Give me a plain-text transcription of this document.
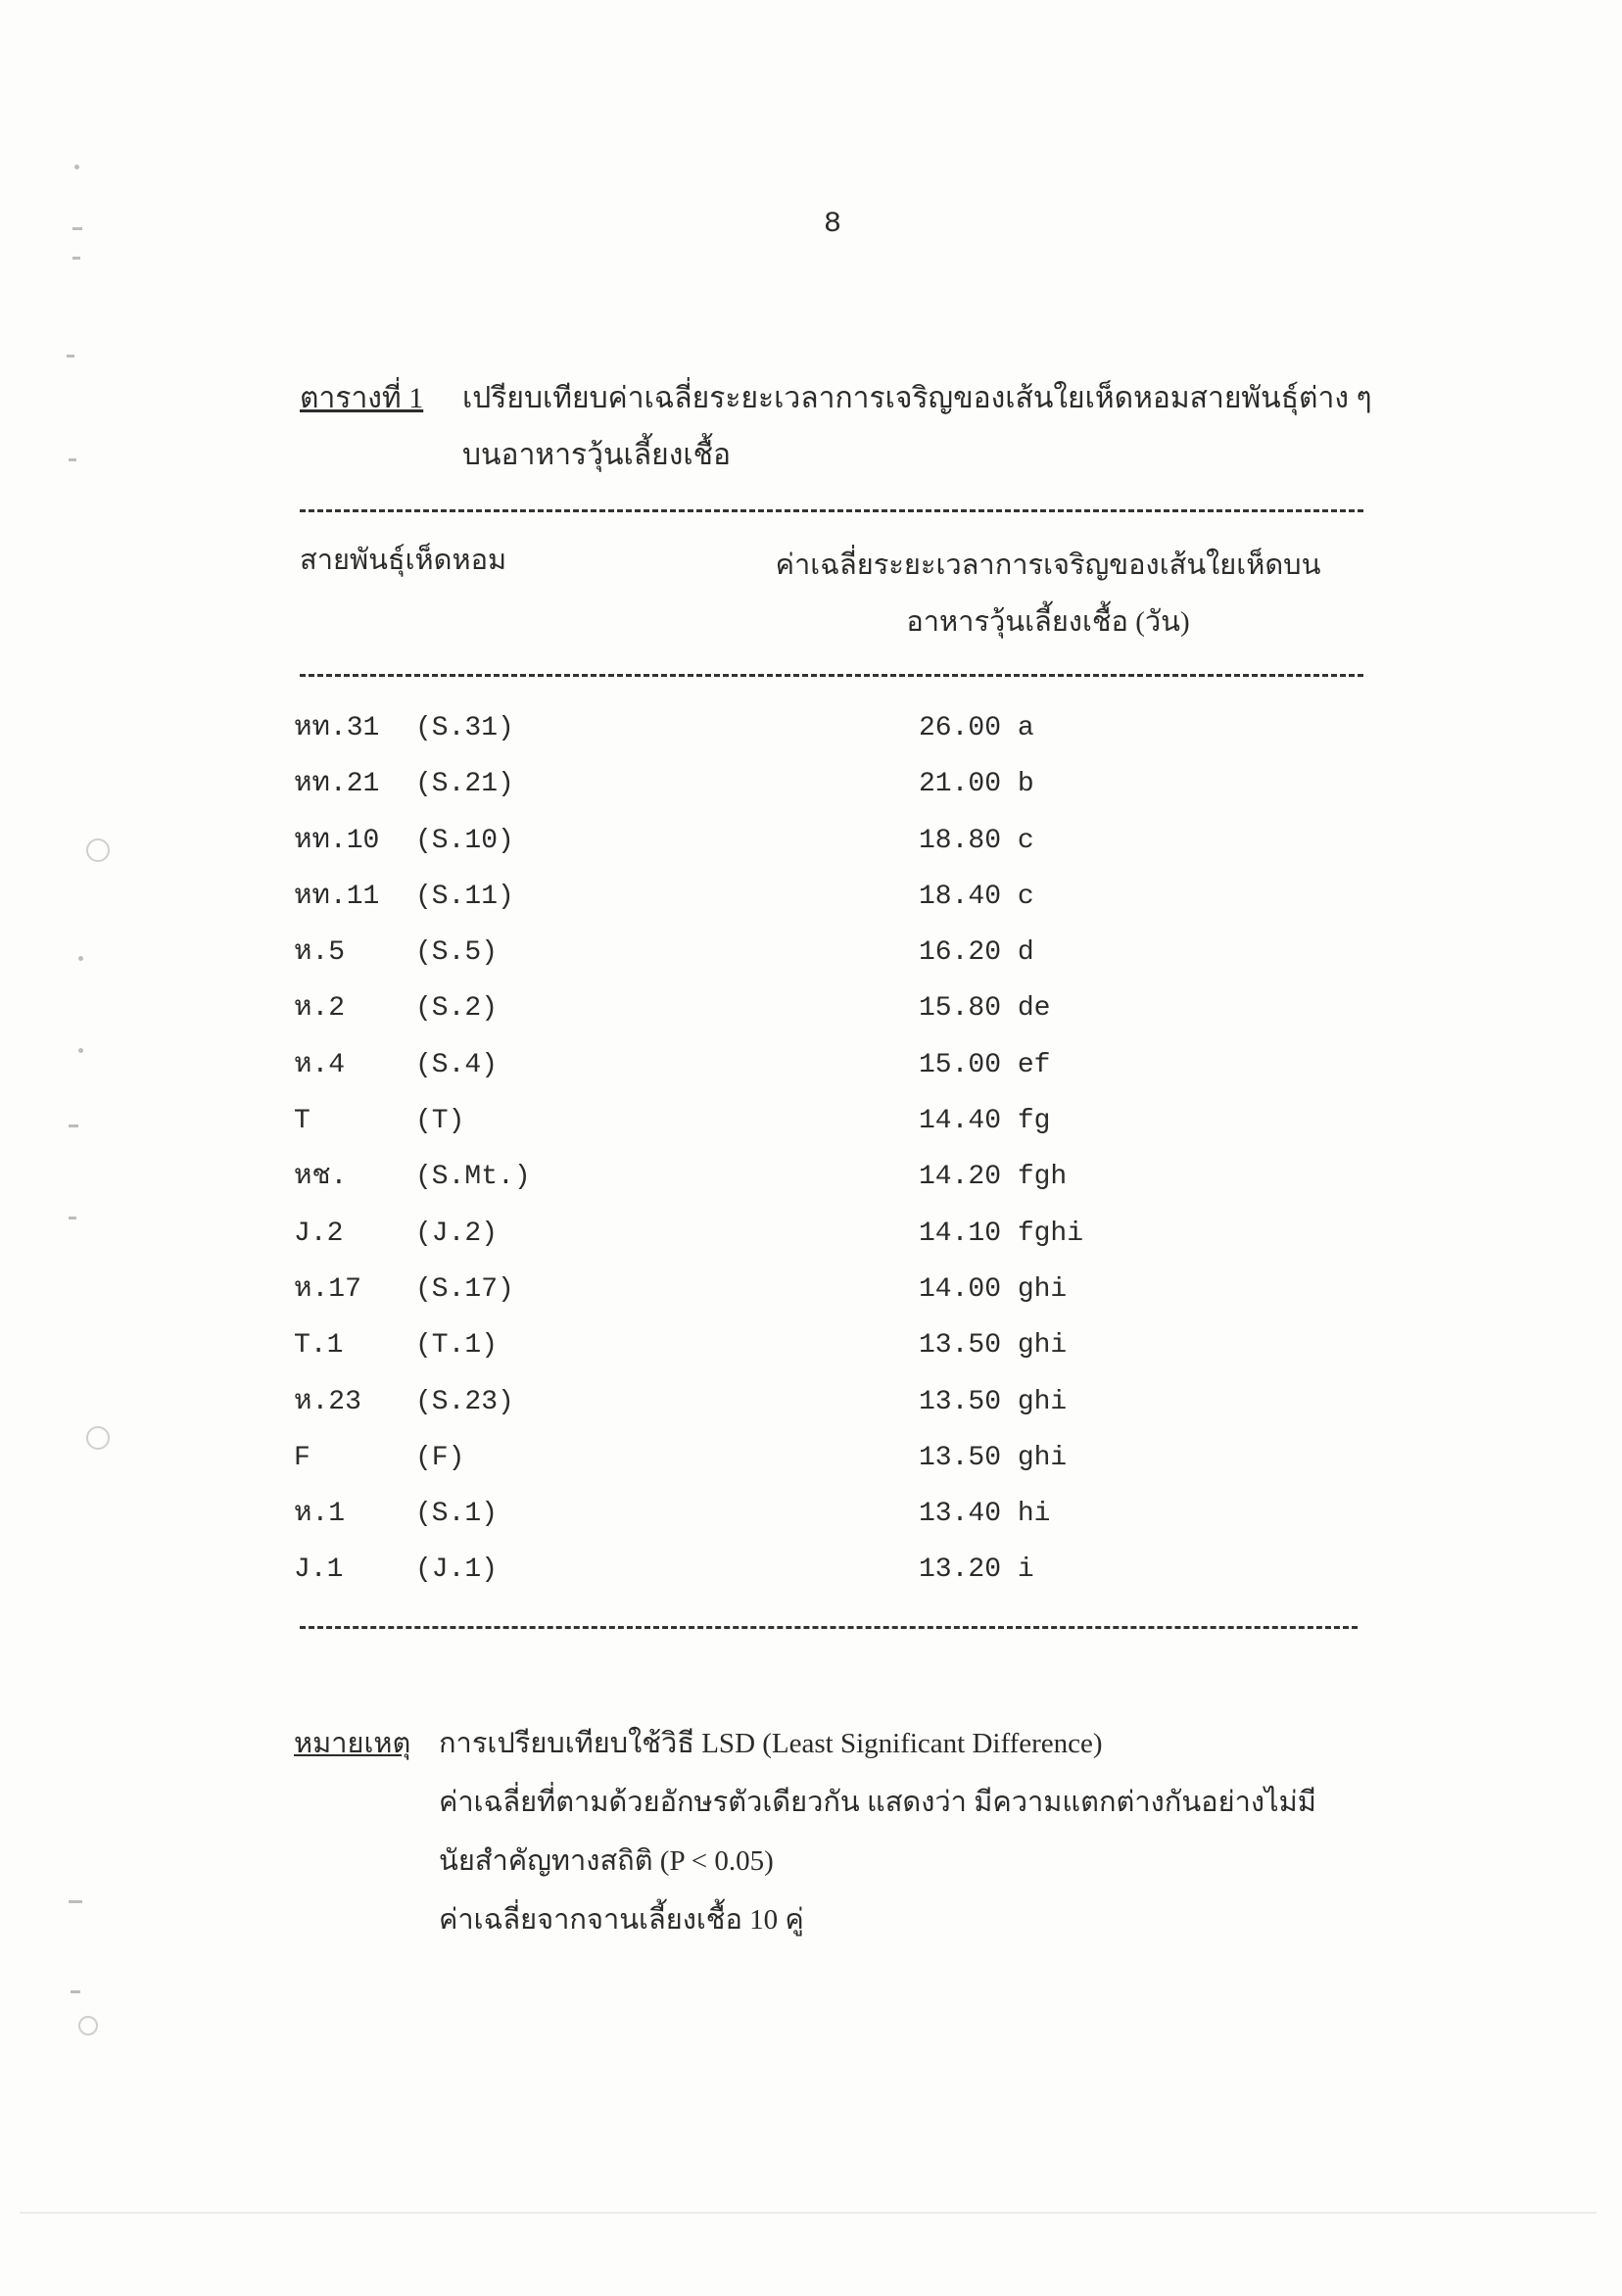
8
ตารางที่ 1 เปรียบเทียบค่าเฉลี่ยระยะเวลาการเจริญของเส้นใยเห็ดหอมสายพันธุ์ต่าง ๆ
บนอาหารวุ้นเลี้ยงเชื้อ
สายพันธุ์เห็ดหอม	ค่าเฉลี่ยระยะเวลาการเจริญของเส้นใยเห็ดบน
อาหารวุ้นเลี้ยงเชื้อ (วัน)
หท.31 (S.31)	26.00 a
หท.21 (S.21)	21.00 b
หท.10 (S.10)	18.80 c
หท.11 (S.11)	18.40 c
ห.5	(S.5)	16.20 d
ห.2	(S.2)	15.80 de
ห.4	(S.4)	15.00 ef
T	(T)	14.40 fg
หช. (S.Mt.)	14.20 fgh
J.2	(J.2)	14.10 fghi
ห.17 (S.17)	14.00 ghi
T.1	(T.1)	13.50 ghi
ห.23 (S.23)	13.50 ghi
F	(F)	13.50 ghi
ห.1	(S.1)	13.40 hi
J.1	(J.1)	13.20 i
หมายเหตุ การเปรียบเทียบใช้วิธี LSD (Least Significant Difference)
ค่าเฉลี่ยที่ตามด้วยอักษรตัวเดียวกัน แสดงว่า มีความแตกต่างกันอย่างไม่มี
นัยสำคัญทางสถิติ (P < 0.05)
ค่าเฉลี่ยจากจานเลี้ยงเชื้อ 10 คู่
